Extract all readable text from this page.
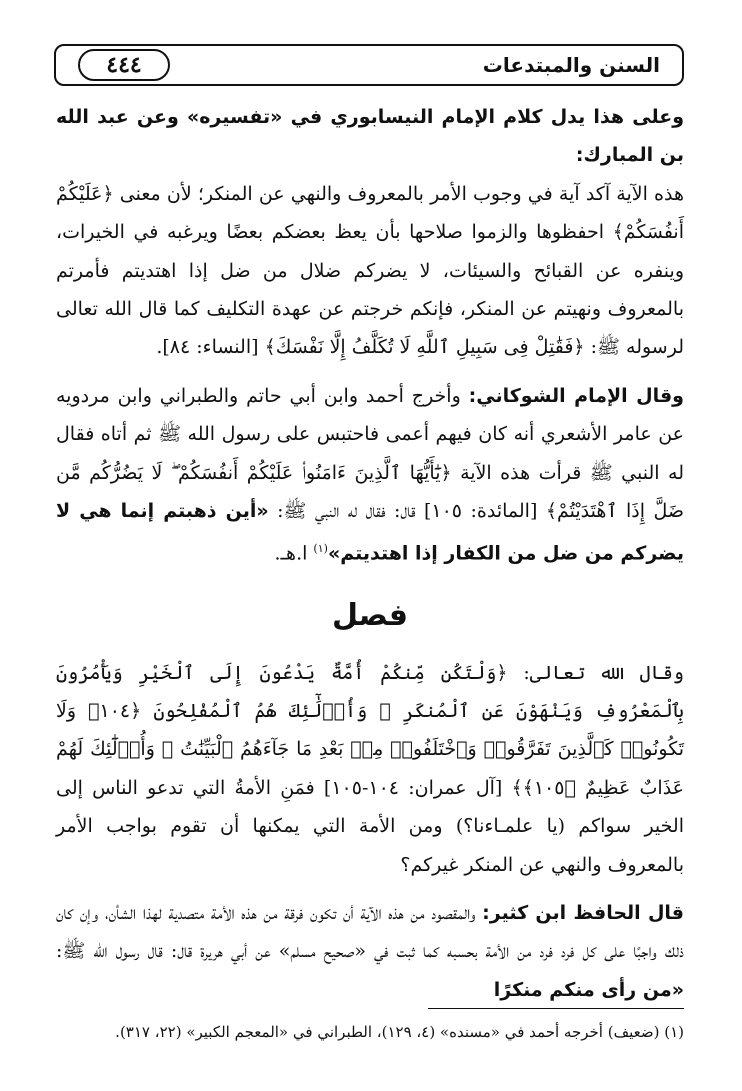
السنن والمبتدعات
٤٤٤

وعلى هذا يدل كلام الإمام النيسابوري في «تفسيره» وعن عبد الله بن المبارك:
هذه الآية آكد آية في وجوب الأمر بالمعروف والنهي عن المنكر؛ لأن معنى ﴿عَلَيْكُمْ أَنفُسَكُمْ﴾ احفظوها والزموا صلاحها بأن يعظ بعضكم بعضًا ويرغبه في الخيرات، وينفره عن القبائح والسيئات، لا يضركم ضلال من ضل إذا اهتديتم فأمرتم بالمعروف ونهيتم عن المنكر، فإنكم خرجتم عن عهدة التكليف كما قال الله تعالى لرسوله ﷺ: ﴿فَقَٰتِلْ فِى سَبِيلِ ٱللَّهِ لَا تُكَلَّفُ إِلَّا نَفْسَكَ﴾ [النساء: ٨٤].

وقال الإمام الشوكاني: وأخرج أحمد وابن أبي حاتم والطبراني وابن مردويه عن عامر الأشعري أنه كان فيهم أعمى فاحتبس على رسول الله ﷺ ثم أتاه فقال له النبي ﷺ قرأت هذه الآية ﴿يَٰٓأَيُّهَا ٱلَّذِينَ ءَامَنُوا۟ عَلَيْكُمْ أَنفُسَكُمْ ۖ لَا يَضُرُّكُم مَّن ضَلَّ إِذَا ٱهْتَدَيْتُمْ﴾ [المائدة: ١٠٥] قال: فقال له النبي ﷺ: «أين ذهبتم إنما هي لا يضركم من ضل من الكفار إذا اهتديتم»$^{(١)}$ ا.هـ.

فصل

وقال الله تعالى: ﴿وَلْتَكُن مِّنكُمْ أُمَّةٌ يَدْعُونَ إِلَى ٱلْخَيْرِ وَيَأْمُرُونَ بِٱلْمَعْرُوفِ وَيَنْهَوْنَ عَنِ ٱلْمُنكَرِ ۚ وَأُو۟لَٰٓئِكَ هُمُ ٱلْمُفْلِحُونَ ﴿١٠٤﴾ وَلَا تَكُونُوا۟ كَٱلَّذِينَ تَفَرَّقُوا۟ وَٱخْتَلَفُوا۟ مِنۢ بَعْدِ مَا جَآءَهُمُ ٱلْبَيِّنَٰتُ ۚ وَأُو۟لَٰٓئِكَ لَهُمْ عَذَابٌ عَظِيمٌ ﴿١٠٥﴾﴾ [آل عمران: ١٠٤-١٠٥] فمَنِ الأمةُ التي تدعو الناس إلى الخير سواكم (يا علمـاءنا؟) ومن الأمة التي يمكنها أن تقوم بواجب الأمر بالمعروف والنهي عن المنكر غيركم؟

قال الحافظ ابن كثير: والمقصود من هذه الآية أن تكون فرقة من هذه الأمة متصدية لهذا الشأن، وإن كان ذلك واجبًا على كل فرد فرد من الأمة بحسبه كما ثبت في «صحيح مسلم» عن أبي هريرة قال: قال رسول الله ﷺ: «من رأى منكم منكرًا

(١) (ضعيف) أخرجه أحمد في «مسنده» (٤، ١٢٩)، الطبراني في «المعجم الكبير» (٢٢، ٣١٧).
